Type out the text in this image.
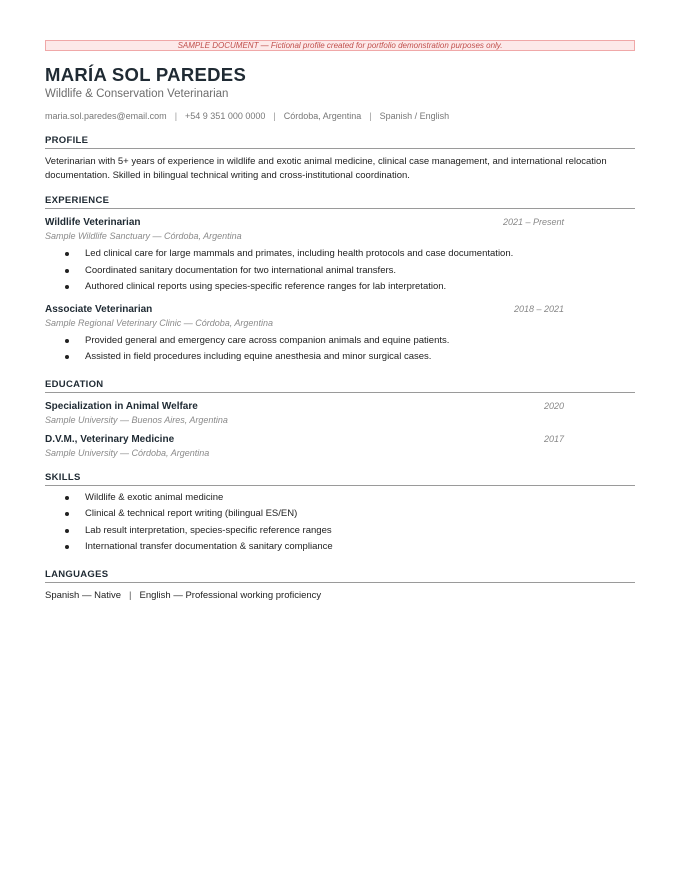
SAMPLE DOCUMENT — Fictional profile created for portfolio demonstration purposes only.
MARÍA SOL PAREDES
Wildlife & Conservation Veterinarian
maria.sol.paredes@email.com | +54 9 351 000 0000 | Córdoba, Argentina | Spanish / English
PROFILE
Veterinarian with 5+ years of experience in wildlife and exotic animal medicine, clinical case management, and international relocation documentation. Skilled in bilingual technical writing and cross-institutional coordination.
EXPERIENCE
Wildlife Veterinarian	2021 – Present
Sample Wildlife Sanctuary — Córdoba, Argentina
Led clinical care for large mammals and primates, including health protocols and case documentation.
Coordinated sanitary documentation for two international animal transfers.
Authored clinical reports using species-specific reference ranges for lab interpretation.
Associate Veterinarian	2018 – 2021
Sample Regional Veterinary Clinic — Córdoba, Argentina
Provided general and emergency care across companion animals and equine patients.
Assisted in field procedures including equine anesthesia and minor surgical cases.
EDUCATION
Specialization in Animal Welfare	2020
Sample University — Buenos Aires, Argentina
D.V.M., Veterinary Medicine	2017
Sample University — Córdoba, Argentina
SKILLS
Wildlife & exotic animal medicine
Clinical & technical report writing (bilingual ES/EN)
Lab result interpretation, species-specific reference ranges
International transfer documentation & sanitary compliance
LANGUAGES
Spanish — Native | English — Professional working proficiency
